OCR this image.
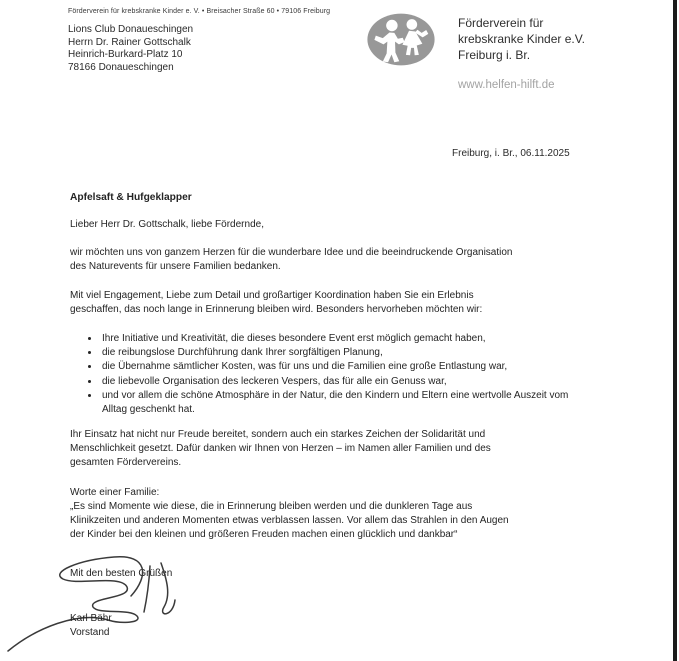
Förderverein für krebskranke Kinder e. V. • Breisacher Straße 60 • 79106 Freiburg
Lions Club Donaueschingen
Herrn Dr. Rainer Gottschalk
Heinrich-Burkard-Platz 10
78166 Donaueschingen
Förderverein für
krebskranke Kinder e.V.
Freiburg i. Br.
www.helfen-hilft.de
Freiburg, i. Br., 06.11.2025
Apfelsaft & Hufgeklapper
Lieber Herr Dr. Gottschalk, liebe Fördernde,
wir möchten uns von ganzem Herzen für die wunderbare Idee und die beeindruckende Organisation
des Naturevents für unsere Familien bedanken.
Mit viel Engagement, Liebe zum Detail und großartiger Koordination haben Sie ein Erlebnis
geschaffen, das noch lange in Erinnerung bleiben wird. Besonders hervorheben möchten wir:
• Ihre Initiative und Kreativität, die dieses besondere Event erst möglich gemacht haben,
• die reibungslose Durchführung dank Ihrer sorgfältigen Planung,
• die Übernahme sämtlicher Kosten, was für uns und die Familien eine große Entlastung war,
• die liebevolle Organisation des leckeren Vespers, das für alle ein Genuss war,
• und vor allem die schöne Atmosphäre in der Natur, die den Kindern und Eltern eine wertvolle Auszeit vom Alltag geschenkt hat.
Ihr Einsatz hat nicht nur Freude bereitet, sondern auch ein starkes Zeichen der Solidarität und
Menschlichkeit gesetzt. Dafür danken wir Ihnen von Herzen – im Namen aller Familien und des
gesamten Fördervereins.
Worte einer Familie:
„Es sind Momente wie diese, die in Erinnerung bleiben werden und die dunkleren Tage aus
Klinikzeiten und anderen Momenten etwas verblassen lassen. Vor allem das Strahlen in den Augen
der Kinder bei den kleinen und größeren Freuden machen einen glücklich und dankbar“
Mit den besten Grüßen
Karl Bähr
Vorstand
